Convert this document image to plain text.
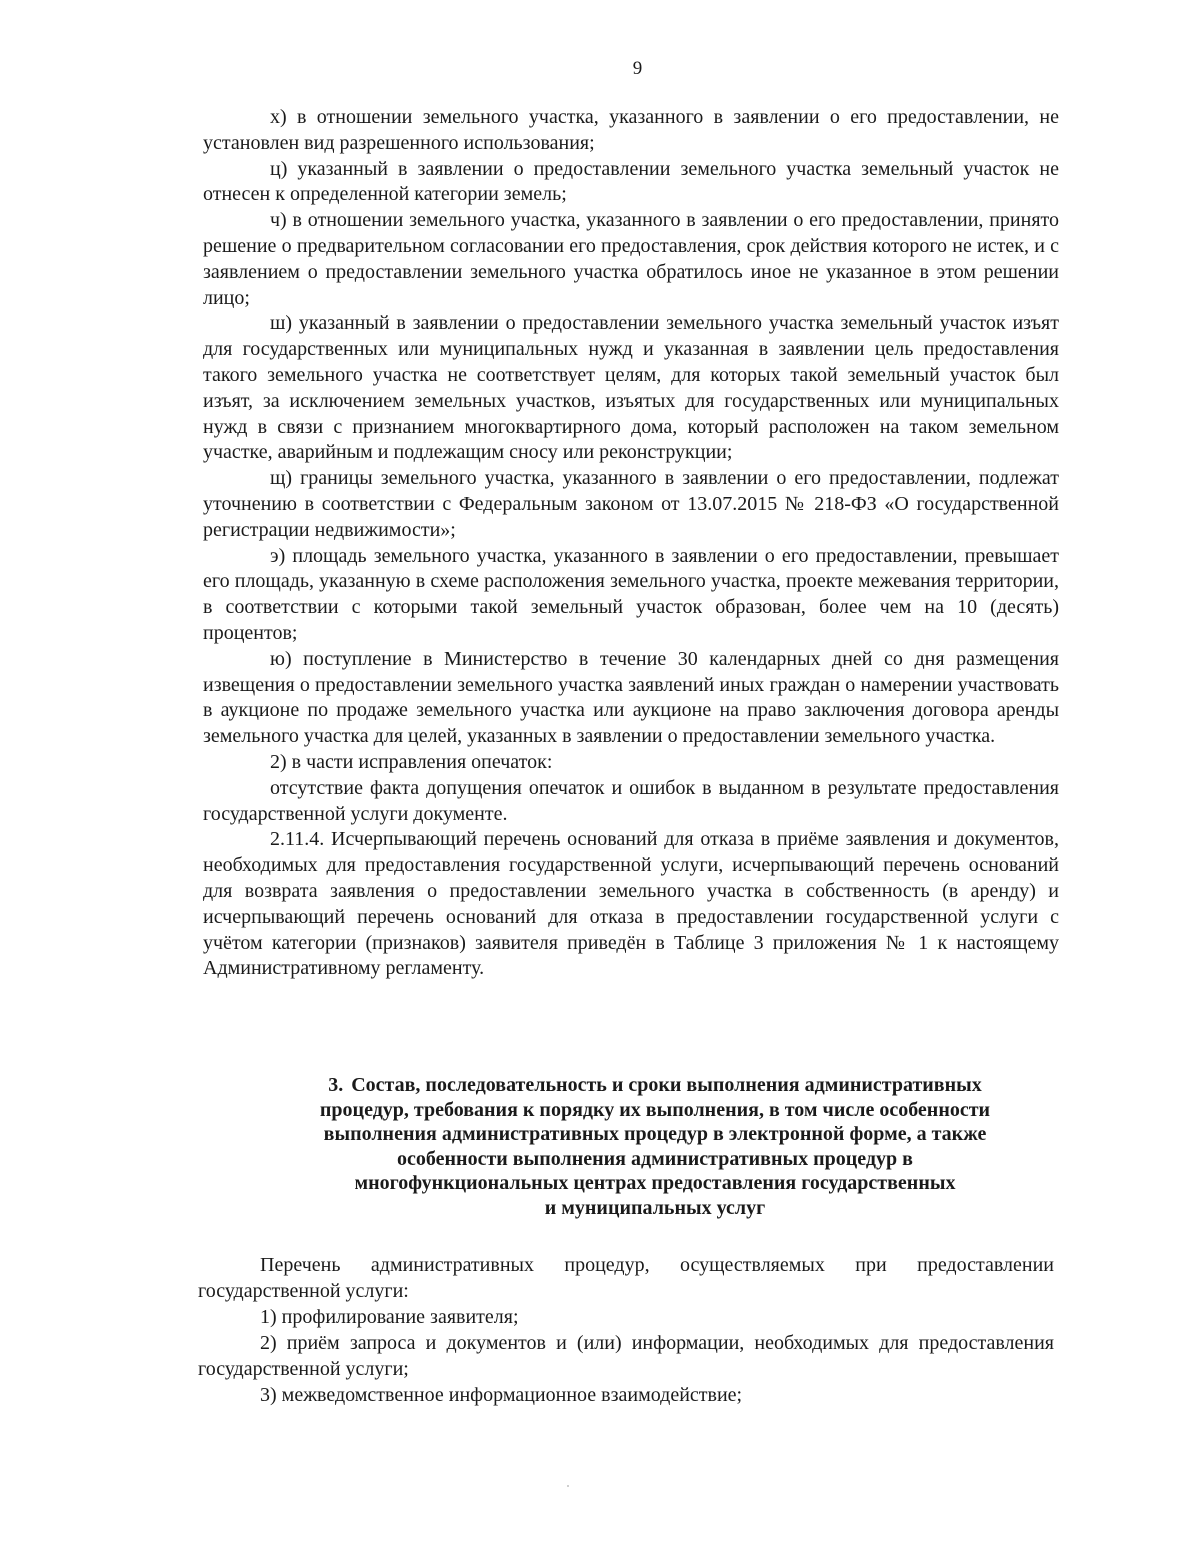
9

х) в отношении земельного участка, указанного в заявлении о его предоставлении, не установлен вид разрешенного использования;

ц) указанный в заявлении о предоставлении земельного участка земельный участок не отнесен к определенной категории земель;

ч) в отношении земельного участка, указанного в заявлении о его предоставлении, принято решение о предварительном согласовании его предоставления, срок действия которого не истек, и с заявлением о предоставлении земельного участка обратилось иное не указанное в этом решении лицо;

ш) указанный в заявлении о предоставлении земельного участка земельный участок изъят для государственных или муниципальных нужд и указанная в заявлении цель предоставления такого земельного участка не соответствует целям, для которых такой земельный участок был изъят, за исключением земельных участков, изъятых для государственных или муниципальных нужд в связи с признанием многоквартирного дома, который расположен на таком земельном участке, аварийным и подлежащим сносу или реконструкции;

щ) границы земельного участка, указанного в заявлении о его предоставлении, подлежат уточнению в соответствии с Федеральным законом от 13.07.2015 № 218-ФЗ «О государственной регистрации недвижимости»;

э) площадь земельного участка, указанного в заявлении о его предоставлении, превышает его площадь, указанную в схеме расположения земельного участка, проекте межевания территории, в соответствии с которыми такой земельный участок образован, более чем на 10 (десять) процентов;

ю) поступление в Министерство в течение 30 календарных дней со дня размещения извещения о предоставлении земельного участка заявлений иных граждан о намерении участвовать в аукционе по продаже земельного участка или аукционе на право заключения договора аренды земельного участка для целей, указанных в заявлении о предоставлении земельного участка.

2) в части исправления опечаток:

отсутствие факта допущения опечаток и ошибок в выданном в результате предоставления государственной услуги документе.

2.11.4. Исчерпывающий перечень оснований для отказа в приёме заявления и документов, необходимых для предоставления государственной услуги, исчерпывающий перечень оснований для возврата заявления о предоставлении земельного участка в собственность (в аренду) и исчерпывающий перечень оснований для отказа в предоставлении государственной услуги с учётом категории (признаков) заявителя приведён в Таблице 3 приложения № 1 к настоящему Административному регламенту.

3. Состав, последовательность и сроки выполнения административных
процедур, требования к порядку их выполнения, в том числе особенности
выполнения административных процедур в электронной форме, а также
особенности выполнения административных процедур в
многофункциональных центрах предоставления государственных
и муниципальных услуг

Перечень административных процедур, осуществляемых при предоставлении государственной услуги:

1) профилирование заявителя;

2) приём запроса и документов и (или) информации, необходимых для предоставления государственной услуги;

3) межведомственное информационное взаимодействие;
